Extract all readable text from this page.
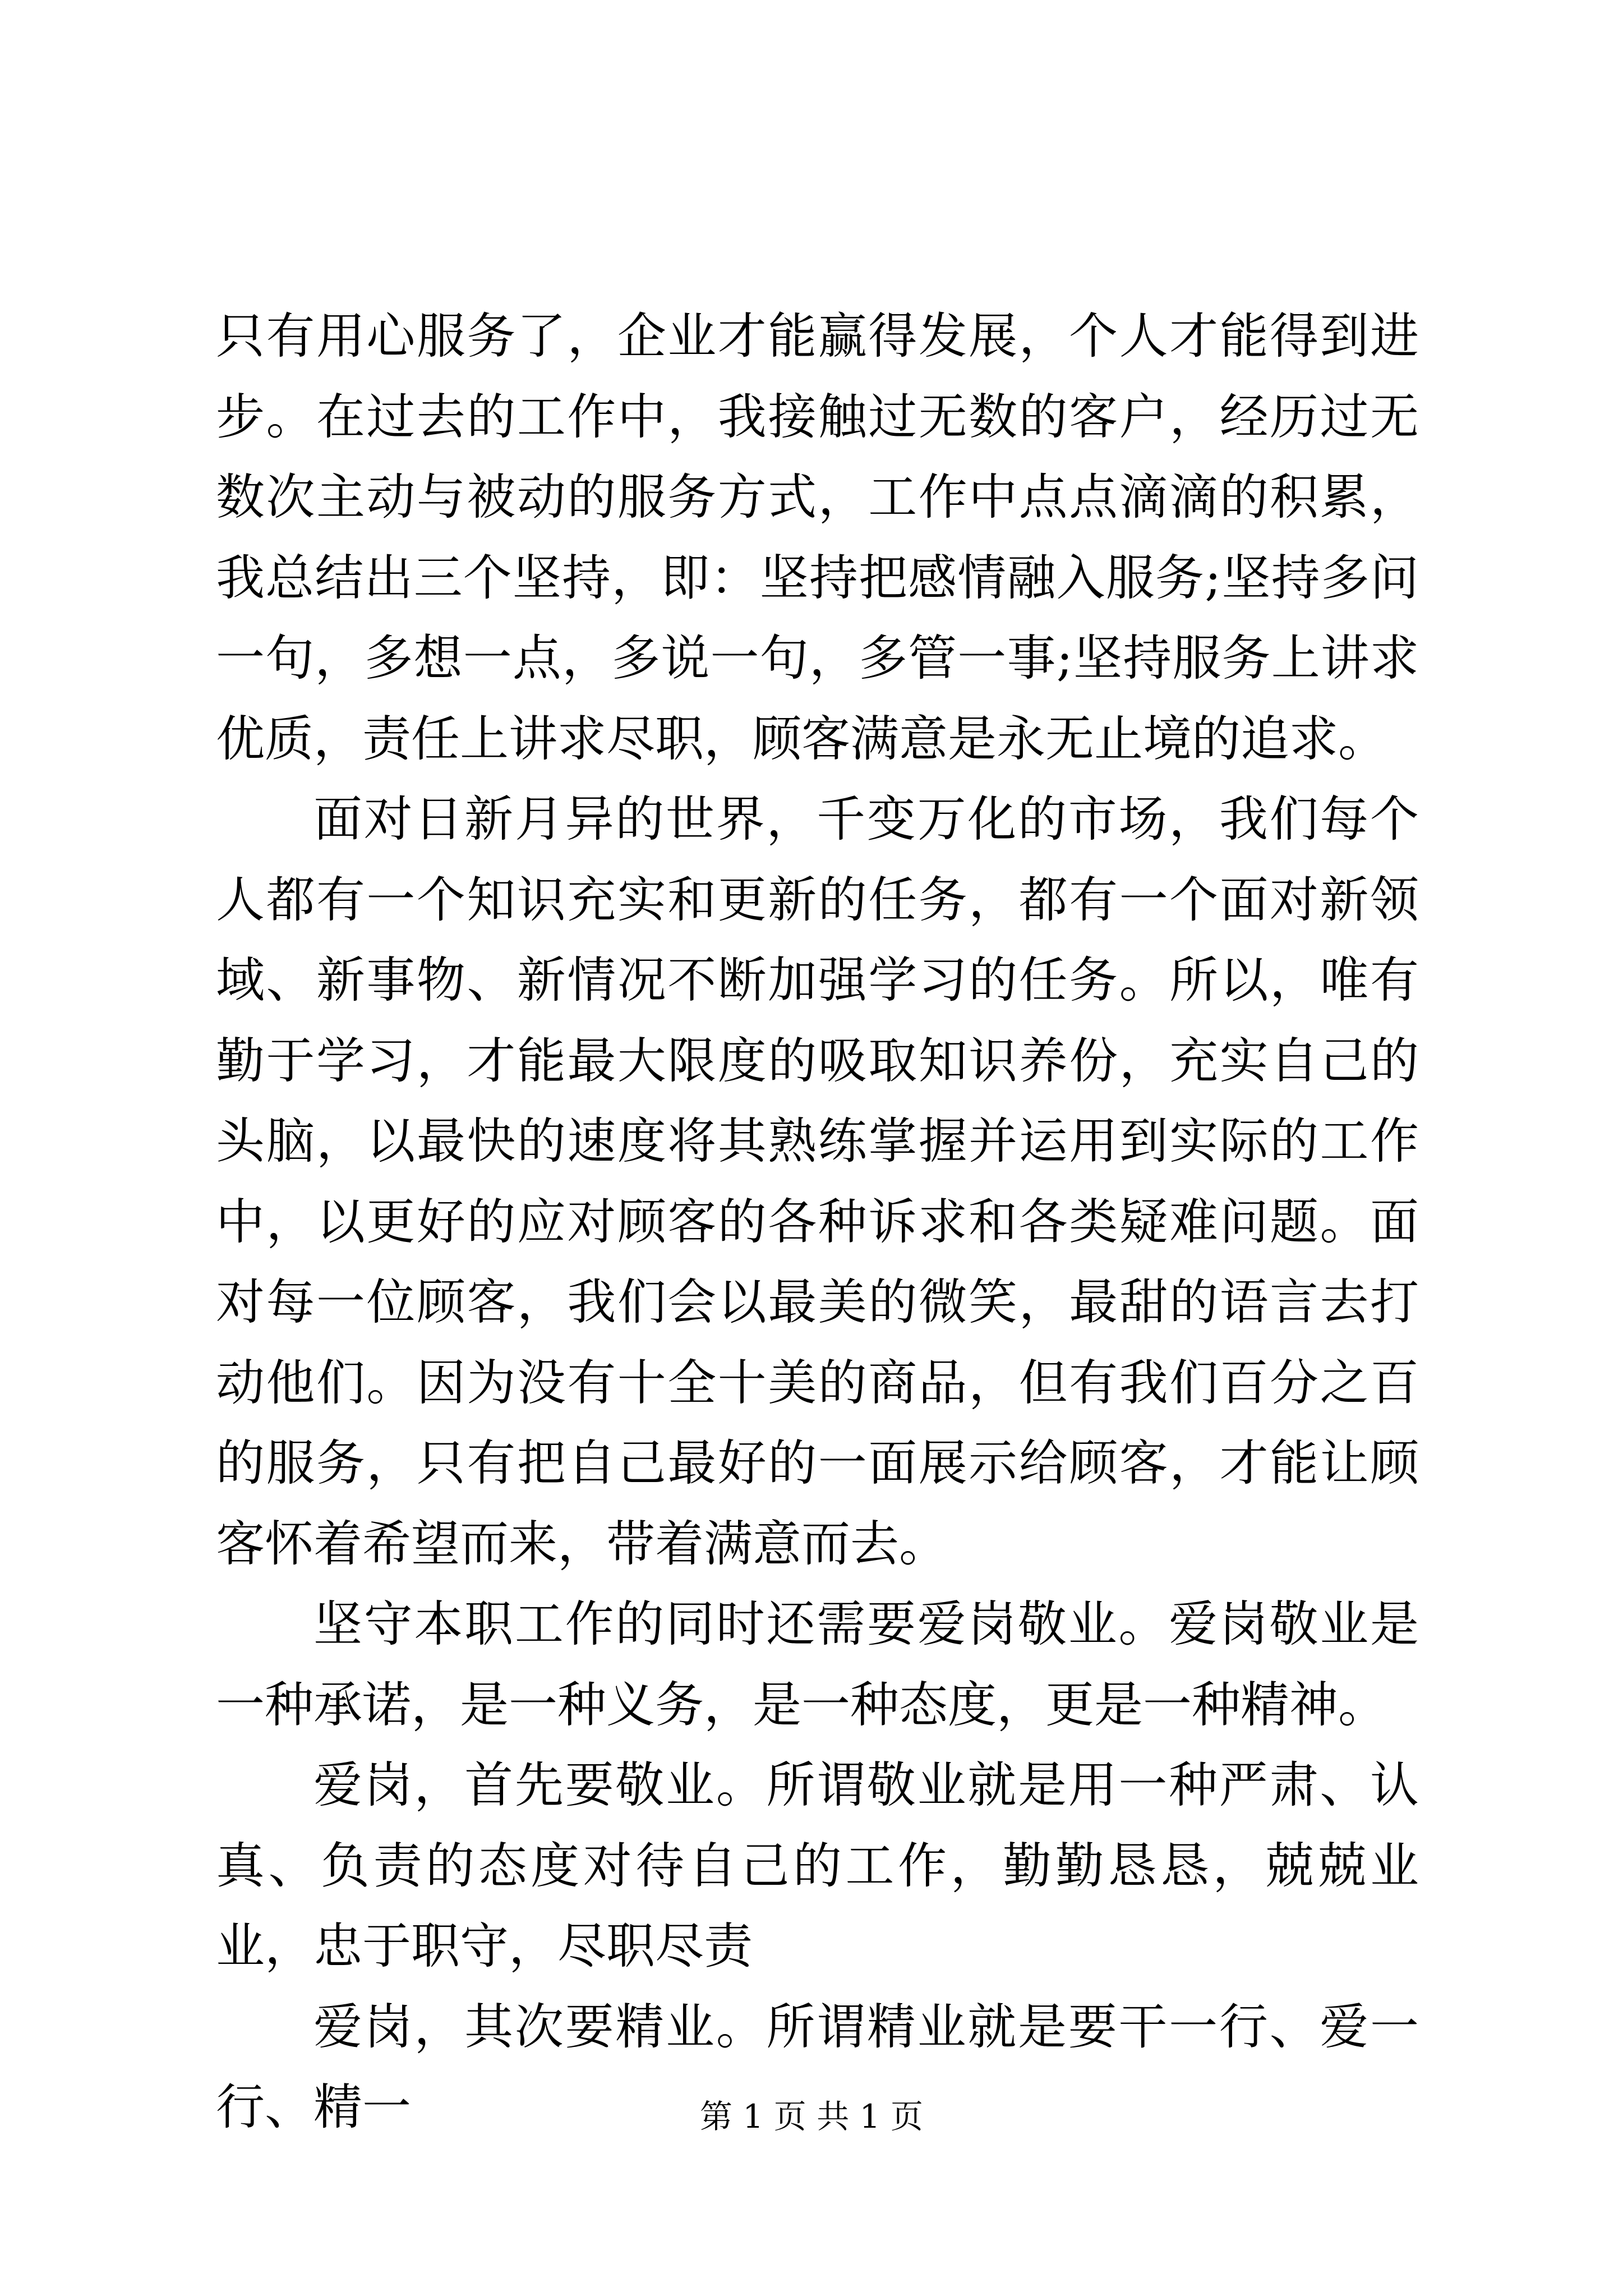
只有用心服务了，企业才能赢得发展，个人才能得到进步。在过去的工作中，我接触过无数的客户，经历过无数次主动与被动的服务方式，工作中点点滴滴的积累，我总结出三个坚持，即：坚持把感情融入服务;坚持多问一句，多想一点，多说一句，多管一事;坚持服务上讲求优质，责任上讲求尽职，顾客满意是永无止境的追求。

面对日新月异的世界，千变万化的市场，我们每个人都有一个知识充实和更新的任务，都有一个面对新领域、新事物、新情况不断加强学习的任务。所以，唯有勤于学习，才能最大限度的吸取知识养份，充实自己的头脑，以最快的速度将其熟练掌握并运用到实际的工作中，以更好的应对顾客的各种诉求和各类疑难问题。面对每一位顾客，我们会以最美的微笑，最甜的语言去打动他们。因为没有十全十美的商品，但有我们百分之百的服务，只有把自己最好的一面展示给顾客，才能让顾客怀着希望而来，带着满意而去。

坚守本职工作的同时还需要爱岗敬业。爱岗敬业是一种承诺，是一种义务，是一种态度，更是一种精神。

爱岗，首先要敬业。所谓敬业就是用一种严肃、认真、负责的态度对待自己的工作，勤勤恳恳，兢兢业业，忠于职守，尽职尽责

爱岗，其次要精业。所谓精业就是要干一行、爱一行、精一	第 1 页 共 1 页
